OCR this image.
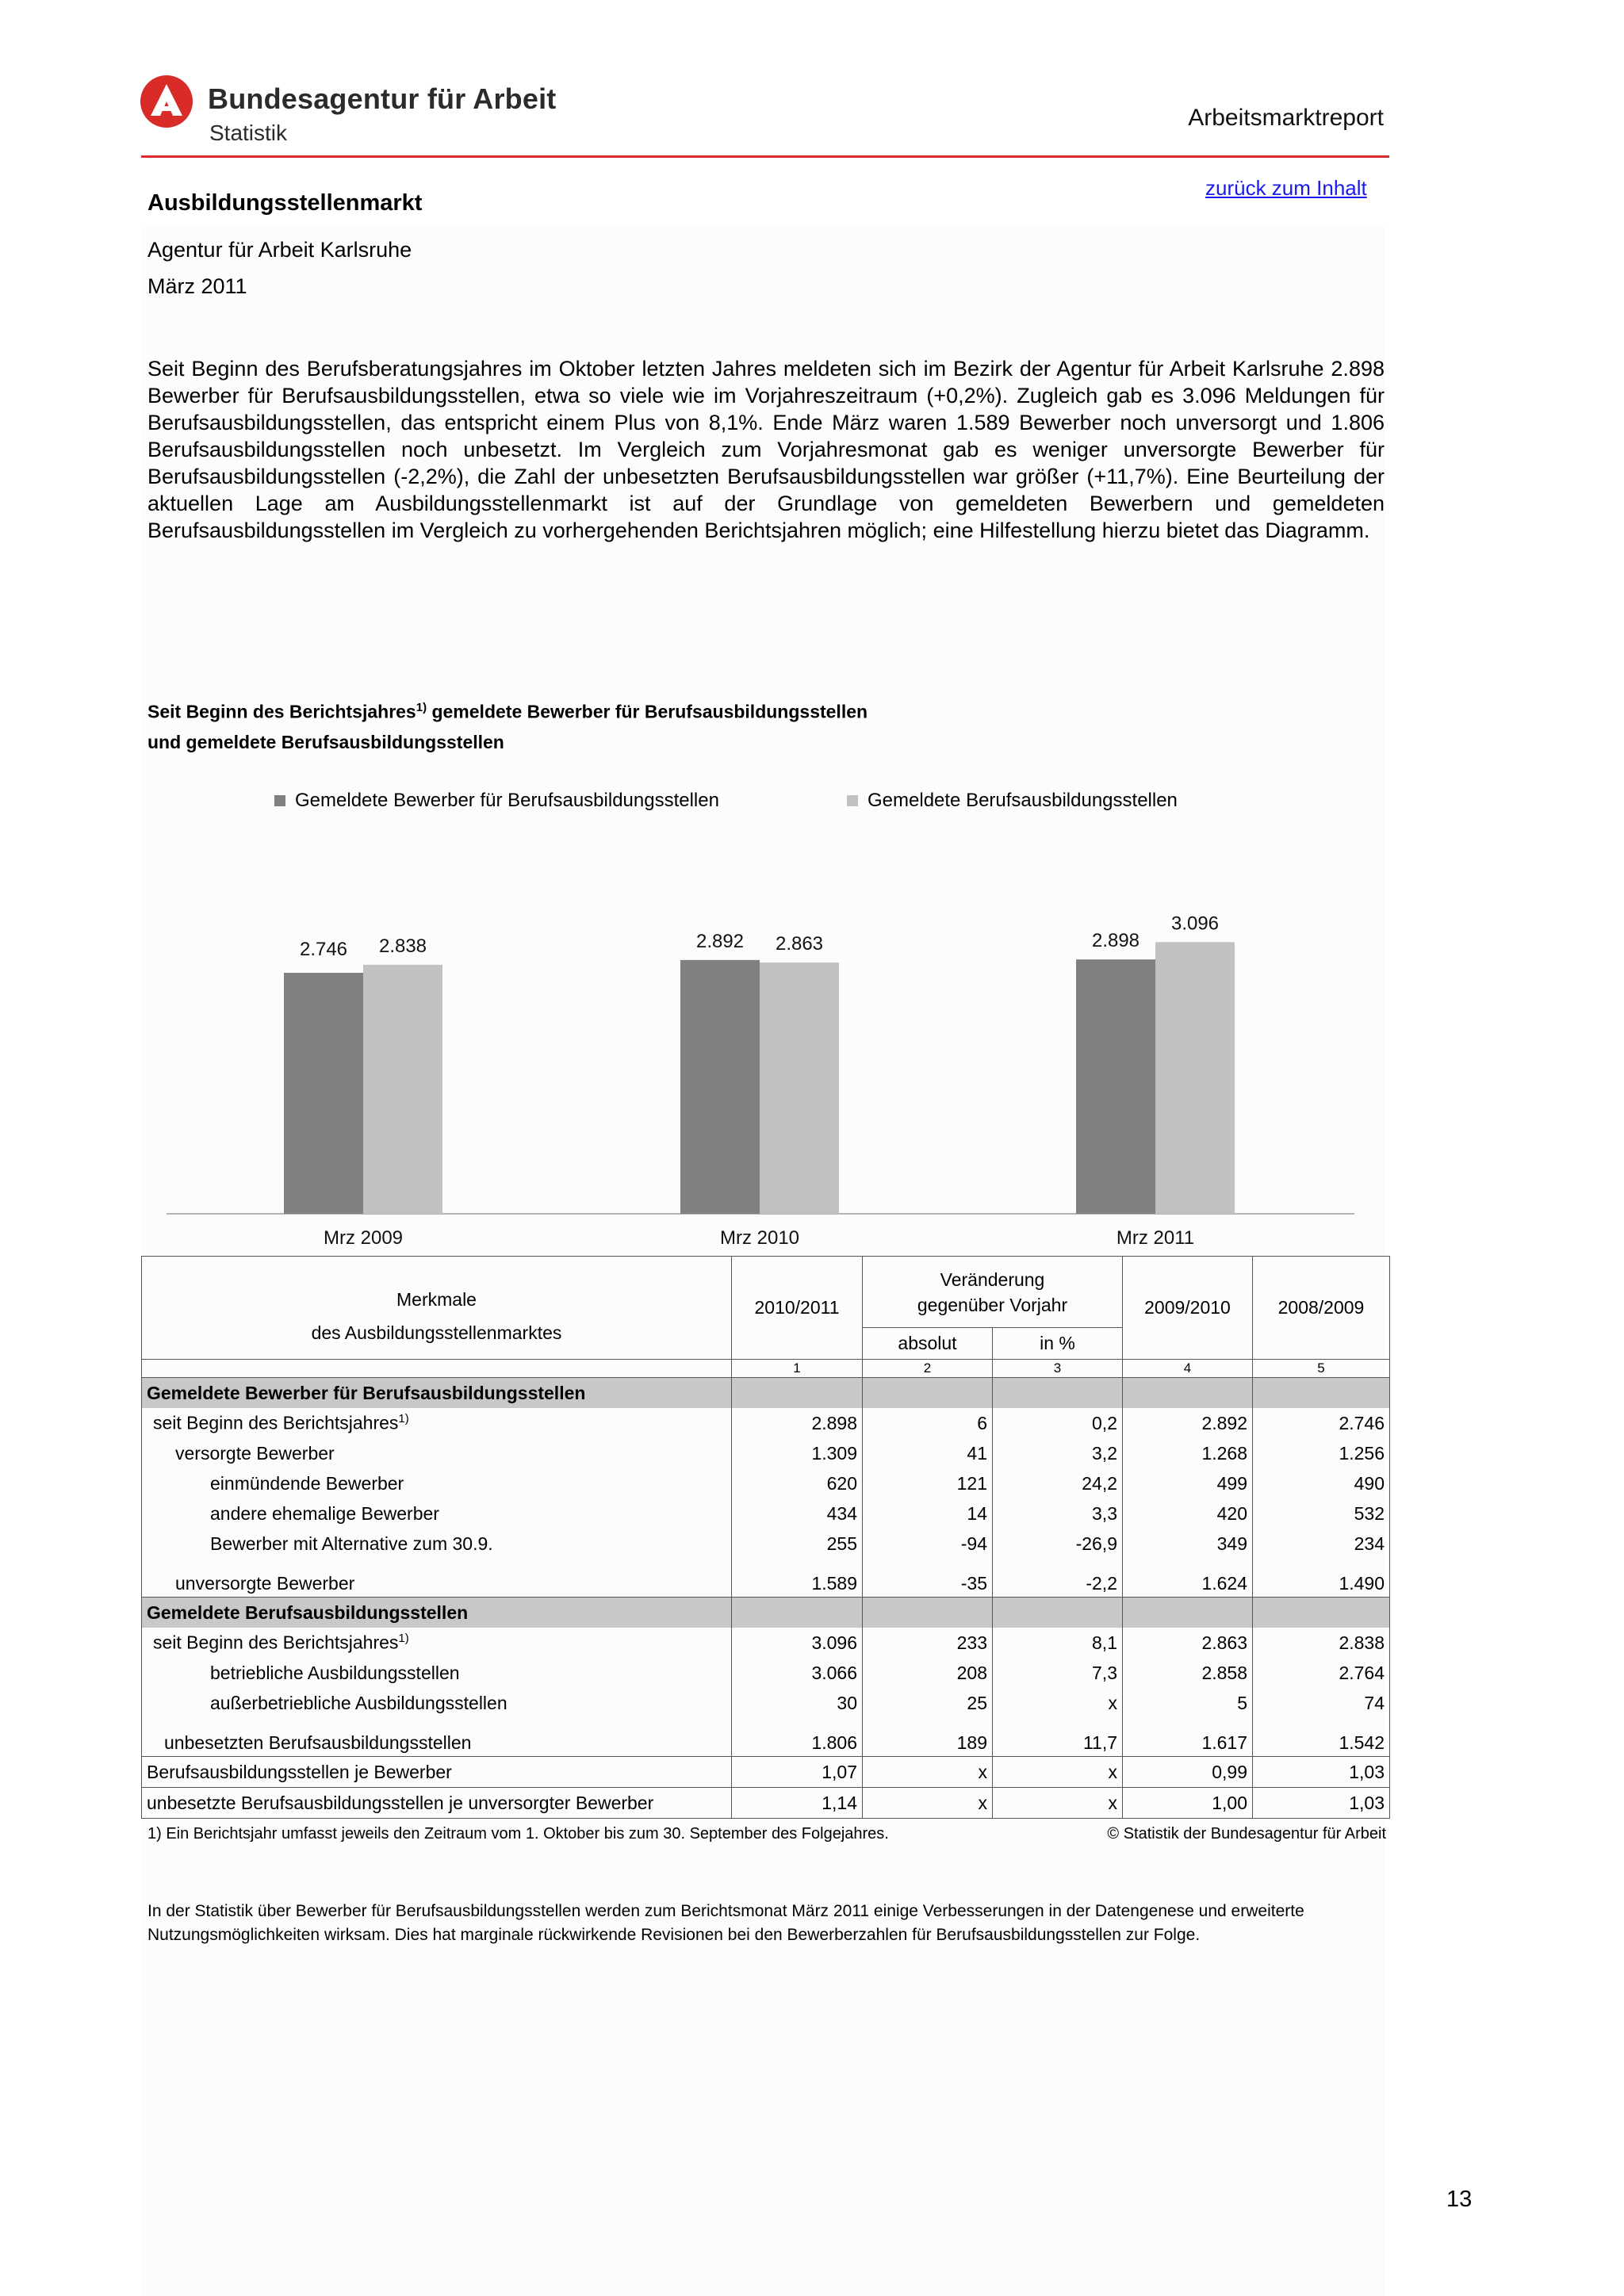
Bundesagentur für Arbeit
Statistik
Arbeitsmarktreport
zurück zum Inhalt
Ausbildungsstellenmarkt
Agentur für Arbeit Karlsruhe
März 2011
Seit Beginn des Berufsberatungsjahres im Oktober letzten Jahres meldeten sich im Bezirk der Agentur für Arbeit Karlsruhe 2.898 Bewerber für Berufsausbildungsstellen, etwa so viele wie im Vorjahreszeitraum (+0,2%). Zugleich gab es 3.096 Meldungen für Berufsausbildungsstellen, das entspricht einem Plus von 8,1%. Ende März waren 1.589 Bewerber noch unversorgt und 1.806 Berufsausbildungsstellen noch unbesetzt. Im Vergleich zum Vorjahresmonat gab es weniger unversorgte Bewerber für Berufsausbildungsstellen (-2,2%), die Zahl der unbesetzten Berufsausbildungsstellen war größer (+11,7%). Eine Beurteilung der aktuellen Lage am Ausbildungsstellenmarkt ist auf der Grundlage von gemeldeten Bewerbern und gemeldeten Berufsausbildungsstellen im Vergleich zu vorhergehenden Berichtsjahren möglich; eine Hilfestellung hierzu bietet das Diagramm.
Seit Beginn des Berichtsjahres$^{1)}$ gemeldete Bewerber für Berufsausbildungsstellen
und gemeldete Berufsausbildungsstellen
Gemeldete Bewerber für Berufsausbildungsstellen	Gemeldete Berufsausbildungsstellen
2.746 2.838
Mrz 2009
2.892 2.863
Mrz 2010
2.898
3.096
Mrz 2011
Merkmale
des Ausbildungsstellenmarktes	2010/2011	Veränderung gegenüber Vorjahr		2009/2010	2008/2009
		absolut	in %		
	1	2	3	4	5
Gemeldete Bewerber für Berufsausbildungsstellen					
seit Beginn des Berichtsjahres$^{1)}$	2.898	6	0,2	2.892	2.746
versorgte Bewerber	1.309	41	3,2	1.268	1.256
einmündende Bewerber	620	121	24,2	499	490
andere ehemalige Bewerber	434	14	3,3	420	532
Bewerber mit Alternative zum 30.9.	255	-94	-26,9	349	234
unversorgte Bewerber	1.589	-35	-2,2	1.624	1.490
Gemeldete Berufsausbildungsstellen					
seit Beginn des Berichtsjahres$^{1)}$	3.096	233	8,1	2.863	2.838
betriebliche Ausbildungsstellen	3.066	208	7,3	2.858	2.764
außerbetriebliche Ausbildungsstellen	30	25	x	5	74
unbesetzten Berufsausbildungsstellen	1.806	189	11,7	1.617	1.542
Berufsausbildungsstellen je Bewerber	1,07	x	x	0,99	1,03
unbesetzte Berufsausbildungsstellen je unversorgter Bewerber	1,14	x	x	1,00	1,03
1) Ein Berichtsjahr umfasst jeweils den Zeitraum vom 1. Oktober bis zum 30. September des Folgejahres.	© Statistik der Bundesagentur für Arbeit
In der Statistik über Bewerber für Berufsausbildungsstellen werden zum Berichtsmonat März 2011 einige Verbesserungen in der Datengenese und erweiterte Nutzungsmöglichkeiten wirksam. Dies hat marginale rückwirkende Revisionen bei den Bewerberzahlen für Berufsausbildungsstellen zur Folge.
13
